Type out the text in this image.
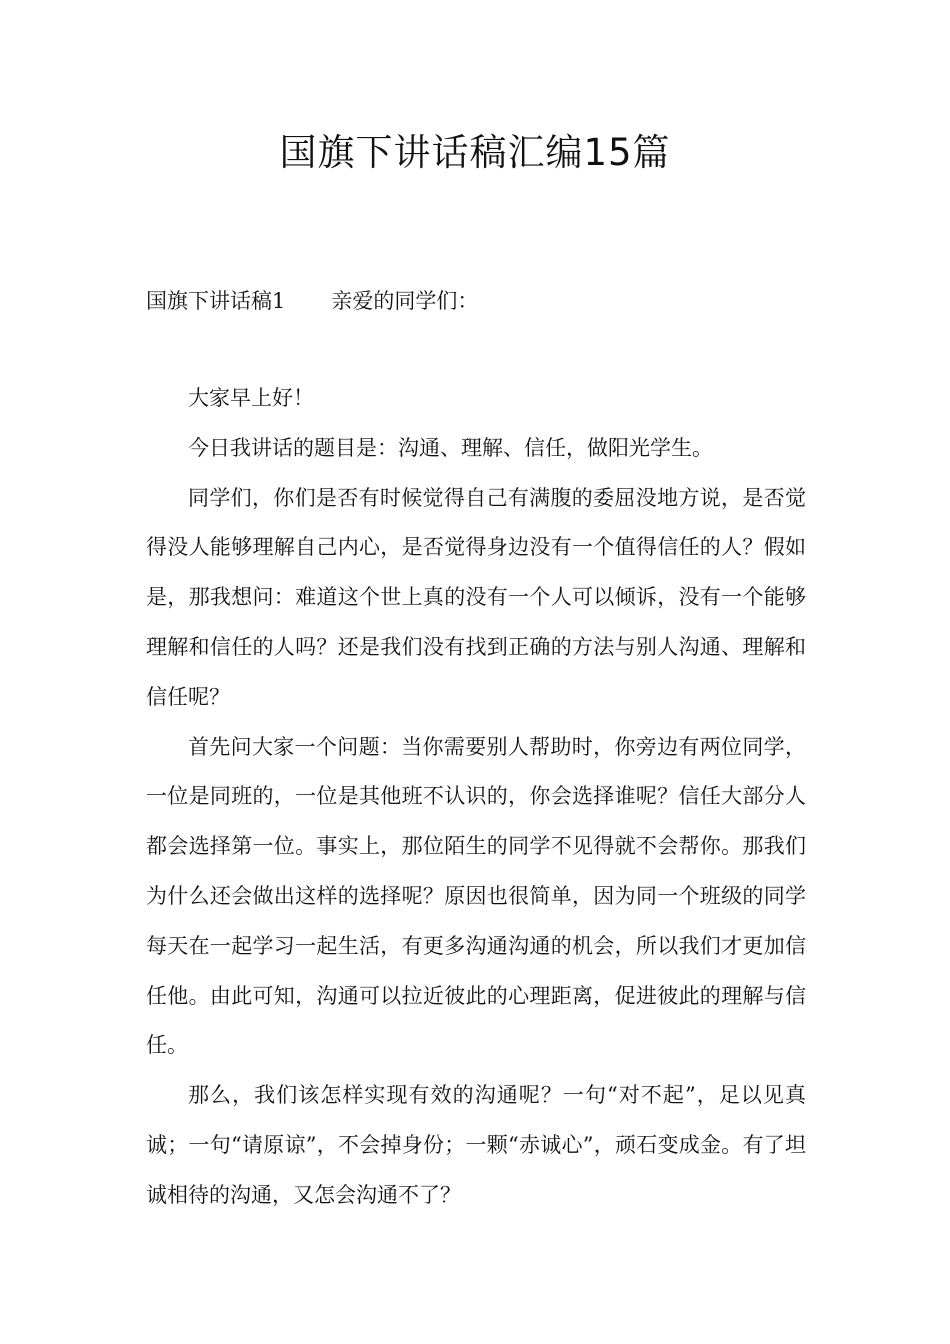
国旗下讲话稿汇编15篇
国旗下讲话稿1 亲爱的同学们：

大家早上好！

今日我讲话的题目是：沟通、理解、信任，做阳光学生。

同学们，你们是否有时候觉得自己有满腹的委屈没地方说，是否觉得没人能够理解自己内心，是否觉得身边没有一个值得信任的人？假如是，那我想问：难道这个世上真的没有一个人可以倾诉，没有一个能够理解和信任的人吗？还是我们没有找到正确的方法与别人沟通、理解和信任呢？

首先问大家一个问题：当你需要别人帮助时，你旁边有两位同学，一位是同班的，一位是其他班不认识的，你会选择谁呢？信任大部分人都会选择第一位。事实上，那位陌生的同学不见得就不会帮你。那我们为什么还会做出这样的选择呢？原因也很简单，因为同一个班级的同学每天在一起学习一起生活，有更多沟通沟通的机会，所以我们才更加信任他。由此可知，沟通可以拉近彼此的心理距离，促进彼此的理解与信任。

那么，我们该怎样实现有效的沟通呢？一句“对不起”，足以见真诚；一句“请原谅”，不会掉身份；一颗“赤诚心”，顽石变成金。有了坦诚相待的沟通，又怎会沟通不了？
